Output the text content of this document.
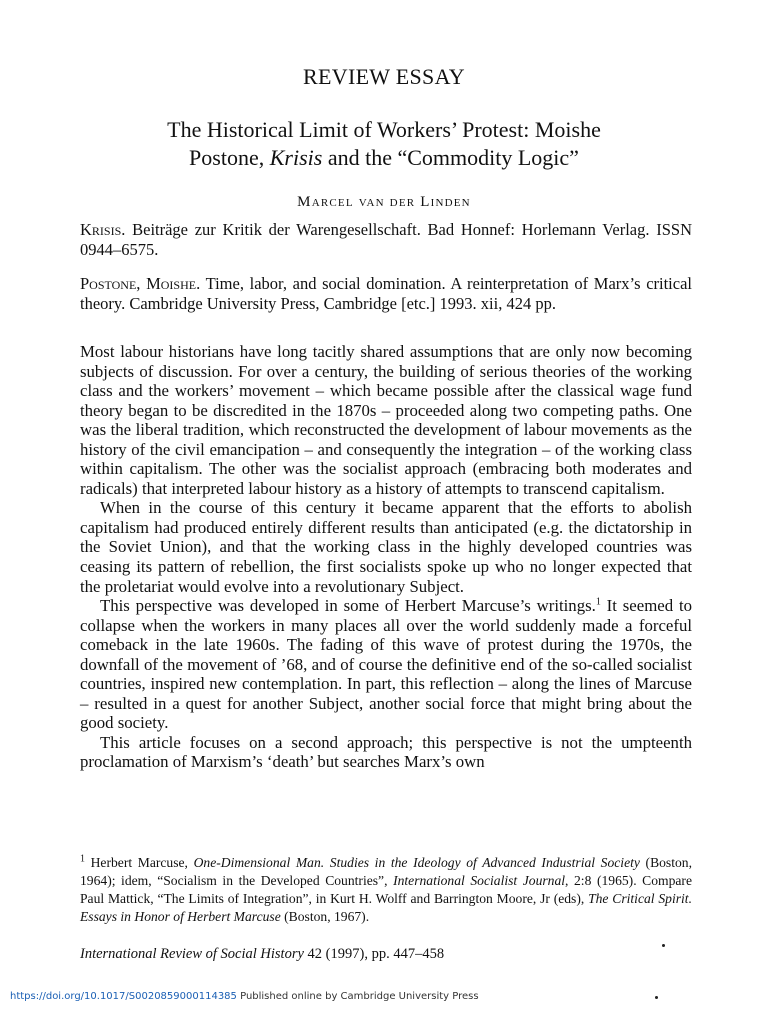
REVIEW ESSAY
The Historical Limit of Workers’ Protest: Moishe
Postone, Krisis and the “Commodity Logic”
Marcel van der Linden
Krisis. Beiträge zur Kritik der Warengesellschaft. Bad Honnef: Horlemann Verlag. ISSN 0944–6575.
Postone, Moishe. Time, labor, and social domination. A reinterpretation of Marx’s critical theory. Cambridge University Press, Cambridge [etc.] 1993. xii, 424 pp.

Most labour historians have long tacitly shared assumptions that are only now becoming subjects of discussion. For over a century, the building of serious theories of the working class and the workers’ movement – which became possible after the classical wage fund theory began to be discredited in the 1870s – proceeded along two competing paths. One was the liberal tradition, which reconstructed the development of labour movements as the history of the civil emancipation – and consequently the integration – of the working class within capitalism. The other was the socialist approach (embracing both moderates and radicals) that interpreted labour history as a history of attempts to transcend capitalism.

When in the course of this century it became apparent that the efforts to abolish capitalism had produced entirely different results than anticipated (e.g. the dictatorship in the Soviet Union), and that the working class in the highly developed countries was ceasing its pattern of rebellion, the first socialists spoke up who no longer expected that the proletariat would evolve into a revolutionary Subject.

This perspective was developed in some of Herbert Marcuse’s writings.$^1$ It seemed to collapse when the workers in many places all over the world suddenly made a forceful comeback in the late 1960s. The fading of this wave of protest during the 1970s, the downfall of the movement of ’68, and of course the definitive end of the so-called socialist countries, inspired new contemplation. In part, this reflection – along the lines of Marcuse – resulted in a quest for another Subject, another social force that might bring about the good society.

This article focuses on a second approach; this perspective is not the umpteenth proclamation of Marxism’s ‘death’ but searches Marx’s own

$^1$ Herbert Marcuse, One-Dimensional Man. Studies in the Ideology of Advanced Industrial Society (Boston, 1964); idem, “Socialism in the Developed Countries”, International Socialist Journal, 2:8 (1965). Compare Paul Mattick, “The Limits of Integration”, in Kurt H. Wolff and Barrington Moore, Jr (eds), The Critical Spirit. Essays in Honor of Herbert Marcuse (Boston, 1967).
International Review of Social History 42 (1997), pp. 447–458
https://doi.org/10.1017/S0020859000114385 Published online by Cambridge University Press
